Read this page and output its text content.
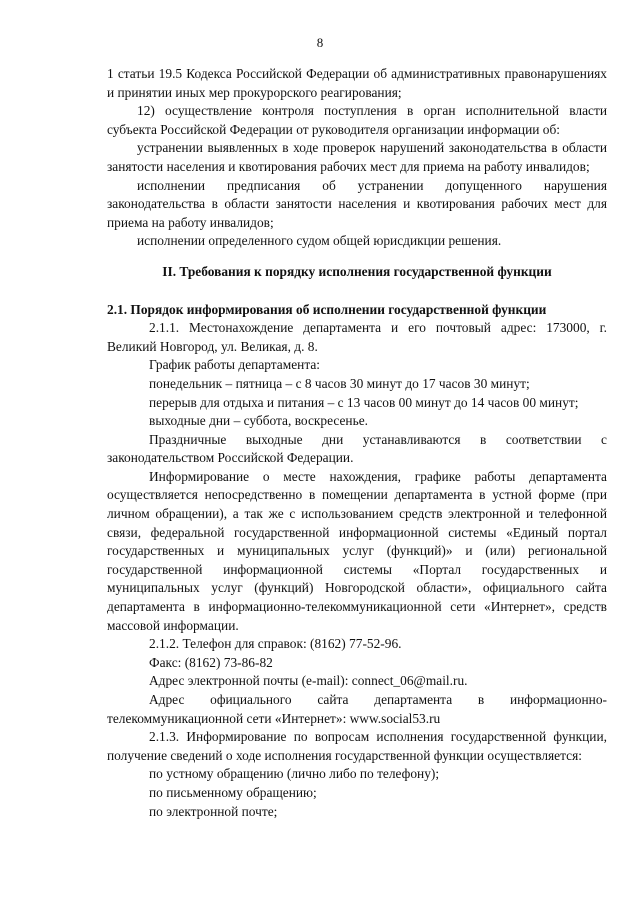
8

1 статьи 19.5 Кодекса Российской Федерации об административных правонарушениях и принятии иных мер прокурорского реагирования;

12) осуществление контроля поступления в орган исполнительной власти субъекта Российской Федерации от руководителя организации информации об:

устранении выявленных в ходе проверок нарушений законодательства в области занятости населения и квотирования рабочих мест для приема на работу инвалидов;

исполнении предписания об устранении допущенного нарушения законодательства в области занятости населения и квотирования рабочих мест для приема на работу инвалидов;

исполнении определенного судом общей юрисдикции решения.

II. Требования к порядку исполнения государственной функции

2.1. Порядок информирования об исполнении государственной функции

2.1.1. Местонахождение департамента и его почтовый адрес: 173000, г. Великий Новгород, ул. Великая, д. 8.

График работы департамента:

понедельник – пятница – с 8 часов 30 минут до 17 часов 30 минут;

перерыв для отдыха и питания – с 13 часов 00 минут до 14 часов 00 минут;

выходные дни – суббота, воскресенье.

Праздничные выходные дни устанавливаются в соответствии с законодательством Российской Федерации.

Информирование о месте нахождения, графике работы департамента осуществляется непосредственно в помещении департамента в устной форме (при личном обращении), а так же с использованием средств электронной и телефонной связи, федеральной государственной информационной системы «Единый портал государственных и муниципальных услуг (функций)» и (или) региональной государственной информационной системы «Портал государственных и муниципальных услуг (функций) Новгородской области», официального сайта департамента в информационно-телекоммуникационной сети «Интернет», средств массовой информации.

2.1.2. Телефон для справок: (8162) 77-52-96.

Факс: (8162) 73-86-82

Адрес электронной почты (e-mail): connect_06@mail.ru.

Адрес официального сайта департамента в информационно-телекоммуникационной сети «Интернет»: www.social53.ru

2.1.3. Информирование по вопросам исполнения государственной функции, получение сведений о ходе исполнения государственной функции осуществляется:

по устному обращению (лично либо по телефону);

по письменному обращению;

по электронной почте;
